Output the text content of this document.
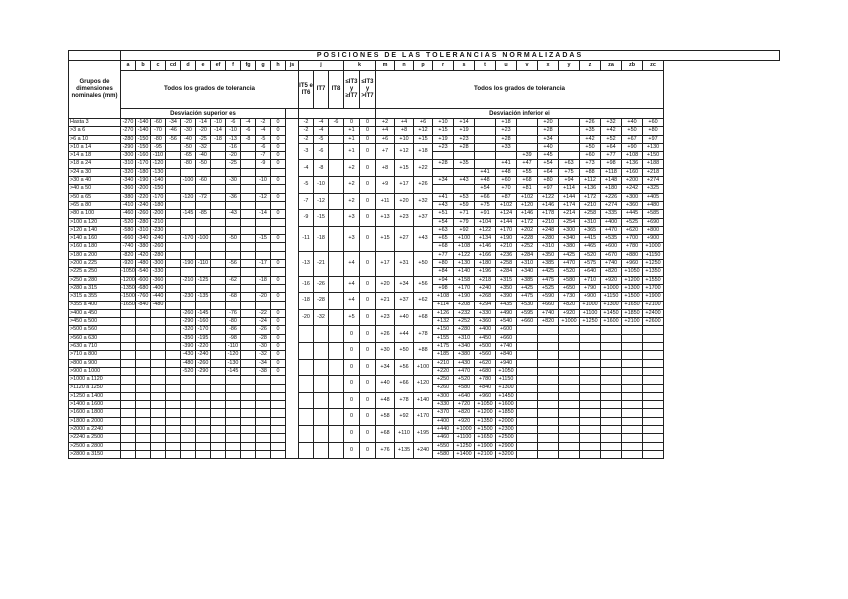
	POSICIONES DE LAS TOLERANCIAS NORMALIZADAS																														
Grupos de dimensiones nominales (mm)	a	b	c	cd	d	e	ef	f	fg	g	h	js	j			k		m	n	p	r	s	t	u	v	x	y	z	za	zb	zc
	Todos los grados de tolerancia												IT5 e IT6	IT7	IT8	≤IT3 y ≥IT7	≤IT3 y >IT7	Todos los grados de tolerancia													
	Desviación superior es																	Desviación inferior ei													
Hasta 3	-270	-140	-60	-34	-20	-14	-10	-6	-4	-2	0		-2	-4	-6	0	0	+2	+4	+6	+10	+14		+18		+20		+26	+32	+40	+60
>3 a 6	-270	-140	-70	-46	-30	-20	-14	-10	-6	-4	0		-2	-4		+1	0	+4	+8	+12	+15	+19		+23		+28		+35	+42	+50	+80
>6 a 10	-280	-150	-80	-56	-40	-25	-18	-13	-8	-5	0		-2	-5		+1	0	+6	+10	+15	+19	+23		+28		+34		+42	+52	+67	+97
>10 a 14	-290	-150	-95		-50	-32		-16		-6	0		-3	-6		+1	0	+7	+12	+18	+23	+28		+33		+40		+50	+64	+90	+130
>14 a 18	-300	-160	-110		-65	-40		-20		-7	0														+39	+45		+60	+77	+108	+150
>18 a 24	-310	-170	-120		-80	-50		-25		-9	0		-4	-8		+2	0	+8	+15	+22	+28	+35		+41	+47	+54	+63	+73	+98	+136	+188
>24 a 30	-320	-180	-130																				+41	+48	+55	+64	+75	+88	+118	+160	+218
>30 a 40	-340	-190	-140		-100	-60		-30		-10	0		-5	-10		+2	0	+9	+17	+26	+34	+43	+48	+60	+68	+80	+94	+112	+148	+200	+274
>40 a 50	-360	-200	-150																				+54	+70	+81	+97	+114	+136	+180	+242	+325
>50 a 65	-380	-220	-170		-120	-72		-36		-12	0		-7	-12		+2	0	+11	+20	+32	+41	+53	+66	+87	+102	+122	+144	+172	+226	+300	+405
>65 a 80	-410	-240	-180																		+43	+59	+75	+102	+120	+146	+174	+210	+274	+360	+480
>80 a 100	-460	-260	-200		-145	-85		-43		-14	0		-9	-15		+3	0	+13	+23	+37	+51	+71	+91	+124	+146	+178	+214	+258	+335	+445	+585
>100 a 120	-520	-280	-210																		+54	+79	+104	+144	+172	+210	+254	+310	+400	+525	+690
>120 a 140	-580	-310	-230										-11	-18		+3	0	+15	+27	+43	+63	+92	+122	+170	+202	+248	+300	+365	+470	+620	+800
>140 a 160	-660	-340	-240		-170	-100		-50		-15	0										+65	+100	+134	+190	+228	+280	+340	+415	+535	+700	+900
>160 a 180	-740	-380	-260																		+68	+108	+146	+210	+252	+310	+380	+465	+600	+780	+1000
>180 a 200	-820	-420	-280										-13	-21		+4	0	+17	+31	+50	+77	+122	+166	+236	+284	+350	+425	+520	+670	+880	+1150
>200 a 225	-920	-480	-300		-190	-110		-56		-17	0										+80	+130	+180	+258	+310	+385	+470	+575	+740	+960	+1250
>225 a 250	-1050	-540	-330																		+84	+140	+196	+284	+340	+425	+520	+640	+820	+1050	+1350
>250 a 280	-1200	-600	-360		-210	-125		-62		-18	0		-16	-26		+4	0	+20	+34	+56	+94	+158	+218	+315	+385	+475	+580	+710	+920	+1200	+1550
>280 a 315	-1350	-680	-400																		+98	+170	+240	+350	+425	+525	+650	+790	+1000	+1300	+1700
>315 a 355	-1500	-760	-440		-230	-135		-68		-20	0		-18	-28		+4	0	+21	+37	+62	+108	+190	+268	+390	+475	+590	+730	+900	+1150	+1500	+1900
>355 a 400	-1650	-840	-480																		+114	+208	+294	+435	+530	+660	+820	+1000	+1300	+1650	+2100
>400 a 450					-260	-145		-76		-22	0		-20	-32		+5	0	+23	+40	+68	+126	+232	+330	+490	+595	+740	+920	+1100	+1450	+1850	+2400
>450 a 500					-290	-160		-80		-24	0										+132	+252	+360	+540	+660	+820	+1000	+1250	+1600	+2100	+2600
>500 a 560					-320	-170		-86		-26	0					0	0	+26	+44	+78	+150	+280	+400	+600							
>560 a 630					-350	-195		-98		-28	0										+155	+310	+450	+660							
>630 a 710					-390	-220		-110		-30	0					0	0	+30	+50	+88	+175	+340	+500	+740							
>710 a 800					-430	-240		-120		-32	0										+185	+380	+560	+840							
>800 a 900					-480	-260		-130		-34	0					0	0	+34	+56	+100	+210	+430	+620	+940							
>900 a 1000					-520	-290		-145		-38	0										+220	+470	+680	+1050							
>1000 a 1120																0	0	+40	+66	+120	+250	+520	+780	+1150							
>1120 a 1250																					+260	+580	+840	+1300							
>1250 a 1400																0	0	+48	+78	+140	+300	+640	+960	+1450							
>1400 a 1600																					+330	+720	+1050	+1600							
>1600 a 1800																0	0	+58	+92	+170	+370	+820	+1200	+1850							
>1800 a 2000																					+400	+920	+1350	+2000							
>2000 a 2240																0	0	+68	+110	+195	+440	+1000	+1500	+2300							
>2240 a 2500																					+460	+1100	+1650	+2500							
>2500 a 2800																0	0	+76	+135	+240	+550	+1250	+1900	+2900							
>2800 a 3150																					+580	+1400	+2100	+3200							
